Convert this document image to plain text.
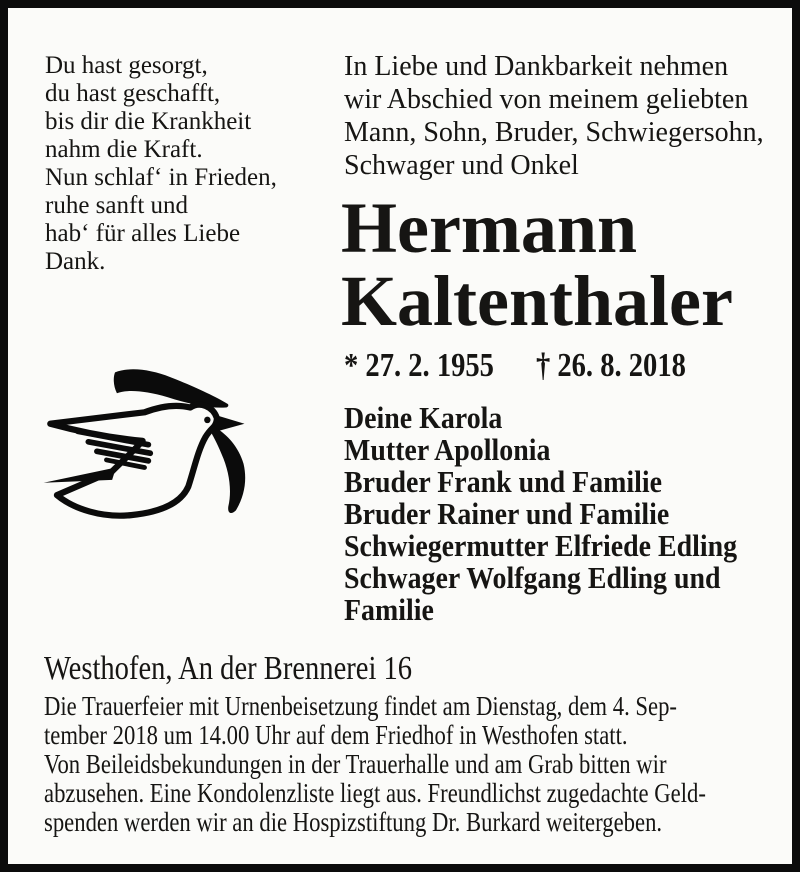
Du hast gesorgt,
du hast geschafft,
bis dir die Krankheit
nahm die Kraft.
Nun schlaf‘ in Frieden,
ruhe sanft und
hab‘ für alles Liebe
Dank.
In Liebe und Dankbarkeit nehmen
wir Abschied von meinem geliebten
Mann, Sohn, Bruder, Schwiegersohn,
Schwager und Onkel
Hermann
Kaltenthaler
* 27. 2. 1955 † 26. 8. 2018
Deine Karola
Mutter Apollonia
Bruder Frank und Familie
Bruder Rainer und Familie
Schwiegermutter Elfriede Edling
Schwager Wolfgang Edling und
Familie
Westhofen, An der Brennerei 16
Die Trauerfeier mit Urnenbeisetzung findet am Dienstag, dem 4. Sep-
tember 2018 um 14.00 Uhr auf dem Friedhof in Westhofen statt.
Von Beileidsbekundungen in der Trauerhalle und am Grab bitten wir
abzusehen. Eine Kondolenzliste liegt aus. Freundlichst zugedachte Geld-
spenden werden wir an die Hospizstiftung Dr. Burkard weitergeben.
